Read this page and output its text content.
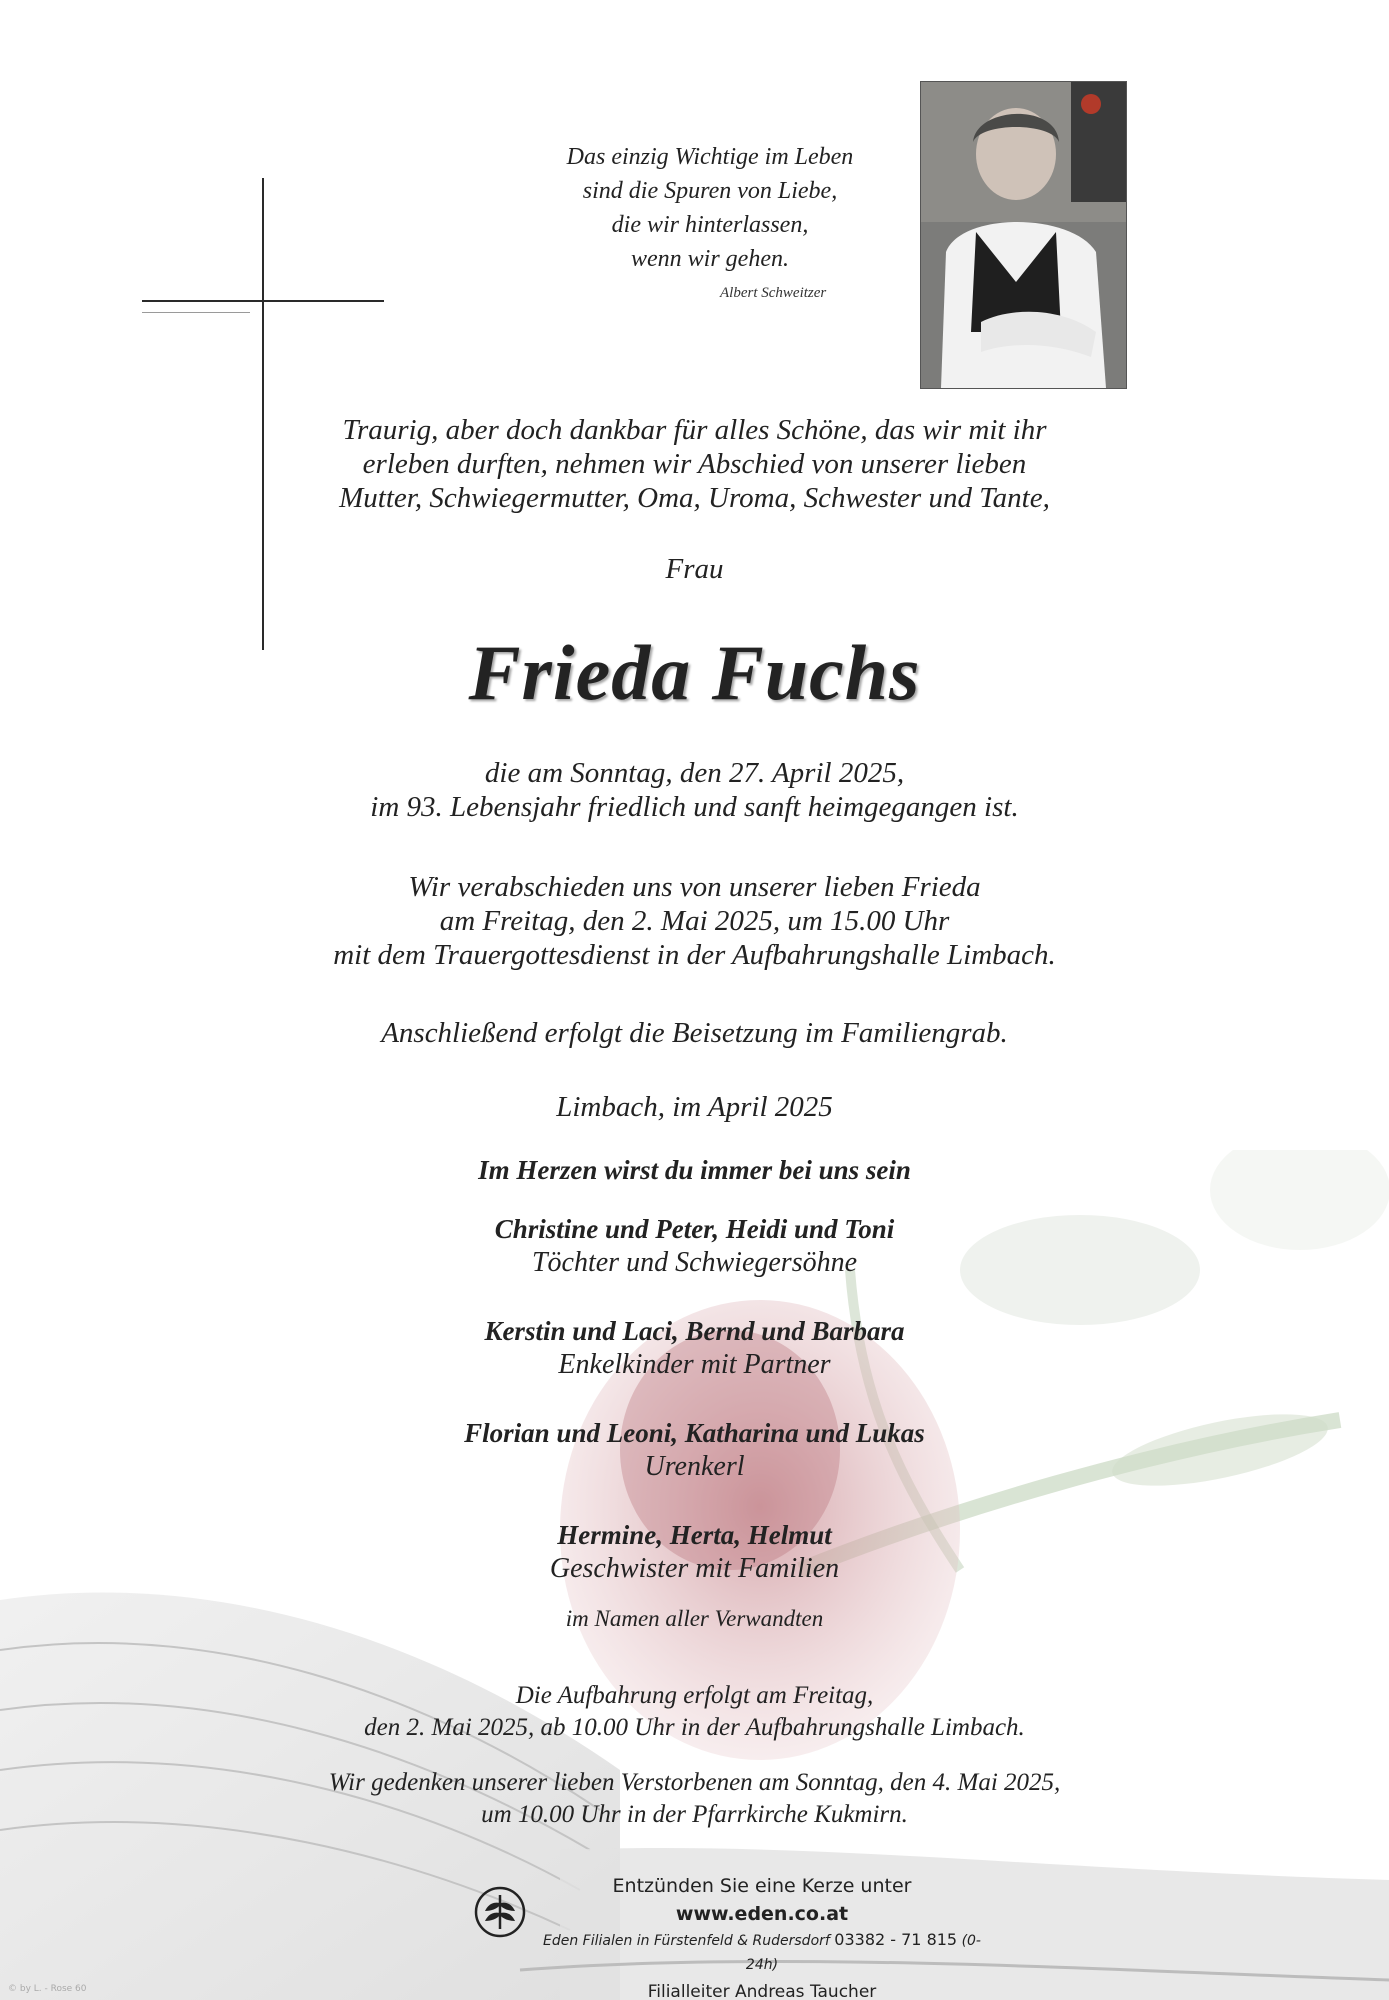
Das einzig Wichtige im Leben
sind die Spuren von Liebe,
die wir hinterlassen,
wenn wir gehen.
Albert Schweitzer
Traurig, aber doch dankbar für alles Schöne, das wir mit ihr
erleben durften, nehmen wir Abschied von unserer lieben
Mutter, Schwiegermutter, Oma, Uroma, Schwester und Tante,
Frau
Frieda Fuchs
die am Sonntag, den 27. April 2025,
im 93. Lebensjahr friedlich und sanft heimgegangen ist.
Wir verabschieden uns von unserer lieben Frieda
am Freitag, den 2. Mai 2025, um 15.00 Uhr
mit dem Trauergottesdienst in der Aufbahrungshalle Limbach.
Anschließend erfolgt die Beisetzung im Familiengrab.
Limbach, im April 2025
Im Herzen wirst du immer bei uns sein
Christine und Peter, Heidi und Toni
Töchter und Schwiegersöhne
Kerstin und Laci, Bernd und Barbara
Enkelkinder mit Partner
Florian und Leoni, Katharina und Lukas
Urenkerl
Hermine, Herta, Helmut
Geschwister mit Familien
im Namen aller Verwandten
Die Aufbahrung erfolgt am Freitag,
den 2. Mai 2025, ab 10.00 Uhr in der Aufbahrungshalle Limbach.
Wir gedenken unserer lieben Verstorbenen am Sonntag, den 4. Mai 2025,
um 10.00 Uhr in der Pfarrkirche Kukmirn.
Entzünden Sie eine Kerze unter www.eden.co.at
Eden Filialen in Fürstenfeld & Rudersdorf 03382 - 71 815 (0-24h)
Filialleiter Andreas Taucher
© by L. - Rose 60
